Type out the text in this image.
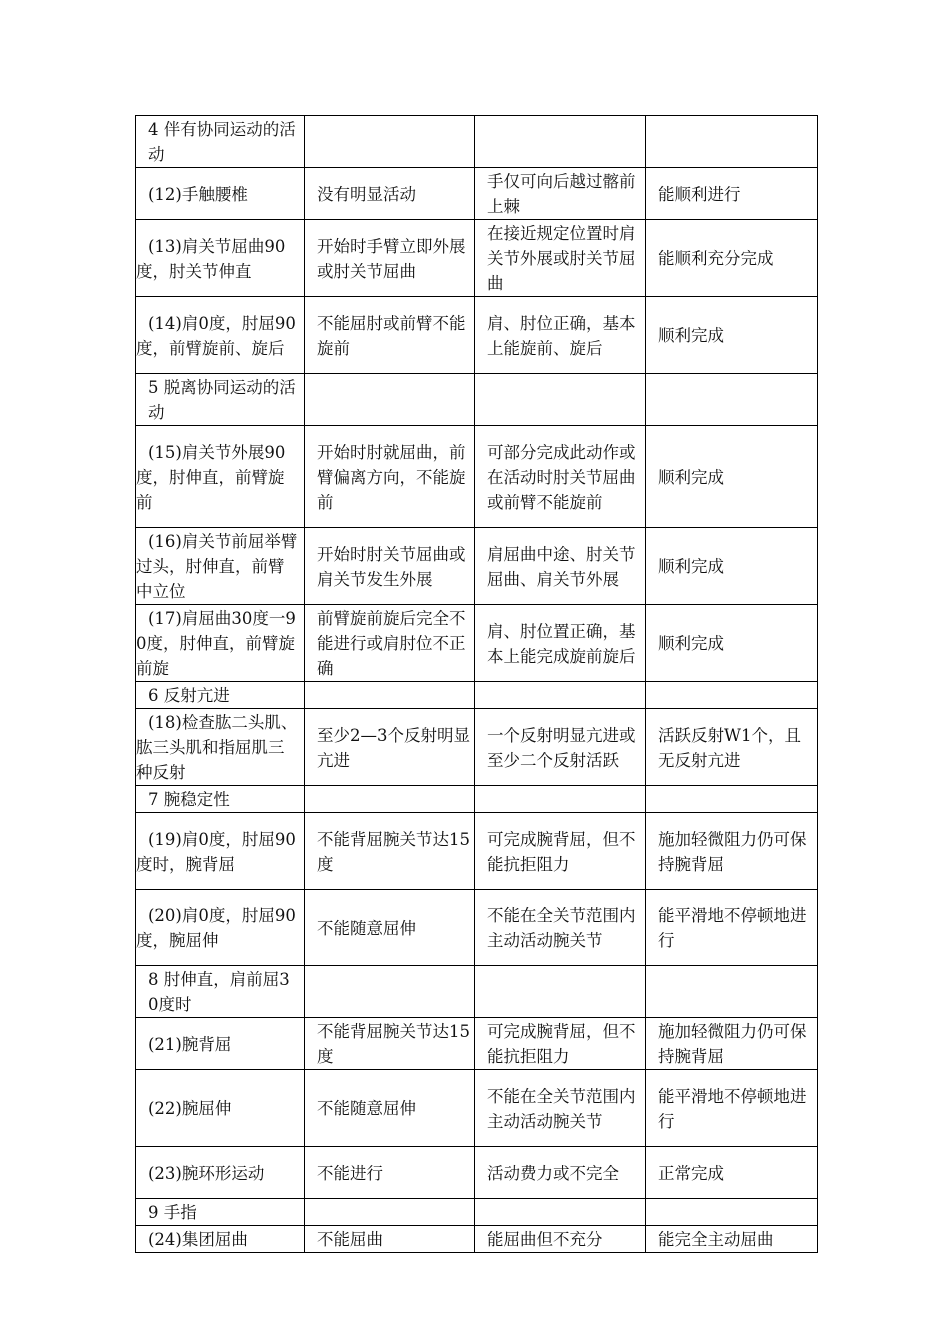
4 伴有协同运动的活动			

(12)手触腰椎	没有明显活动	手仅可向后越过髂前上棘	能顺利进行

(13)肩关节屈曲90度，肘关节伸直	开始时手臂立即外展或肘关节屈曲	在接近规定位置时肩关节外展或肘关节屈曲	能顺利充分完成

(14)肩0度，肘屈90度，前臂旋前、旋后	不能屈肘或前臂不能旋前	肩、肘位正确，基本上能旋前、旋后	顺利完成

5 脱离协同运动的活动			

(15)肩关节外展90度，肘伸直，前臂旋前	开始时肘就屈曲，前臂偏离方向，不能旋前	可部分完成此动作或在活动时肘关节屈曲或前臂不能旋前	顺利完成

(16)肩关节前屈举臂过头，肘伸直，前臂中立位	开始时肘关节屈曲或肩关节发生外展	肩屈曲中途、肘关节屈曲、肩关节外展	顺利完成

(17)肩屈曲30度一90度，肘伸直，前臂旋前旋	前臂旋前旋后完全不能进行或肩肘位不正确	肩、肘位置正确，基本上能完成旋前旋后	顺利完成

6 反射亢进			

(18)检查肱二头肌、肱三头肌和指屈肌三种反射	至少2—3个反射明显亢进	一个反射明显亢进或至少二个反射活跃	活跃反射W1个，且无反射亢进

7 腕稳定性			

(19)肩0度，肘屈90度时，腕背屈	不能背屈腕关节达15度	可完成腕背屈，但不能抗拒阻力	施加轻微阻力仍可保持腕背屈

(20)肩0度，肘屈90度，腕屈伸	不能随意屈伸	不能在全关节范围内主动活动腕关节	能平滑地不停顿地进行

8 肘伸直，肩前屈30度时			

(21)腕背屈	不能背屈腕关节达15度	可完成腕背屈，但不能抗拒阻力	施加轻微阻力仍可保持腕背屈

(22)腕屈伸	不能随意屈伸	不能在全关节范围内主动活动腕关节	能平滑地不停顿地进行

(23)腕环形运动	不能进行	活动费力或不完全	正常完成

9 手指			

(24)集团屈曲	不能屈曲	能屈曲但不充分	能完全主动屈曲
